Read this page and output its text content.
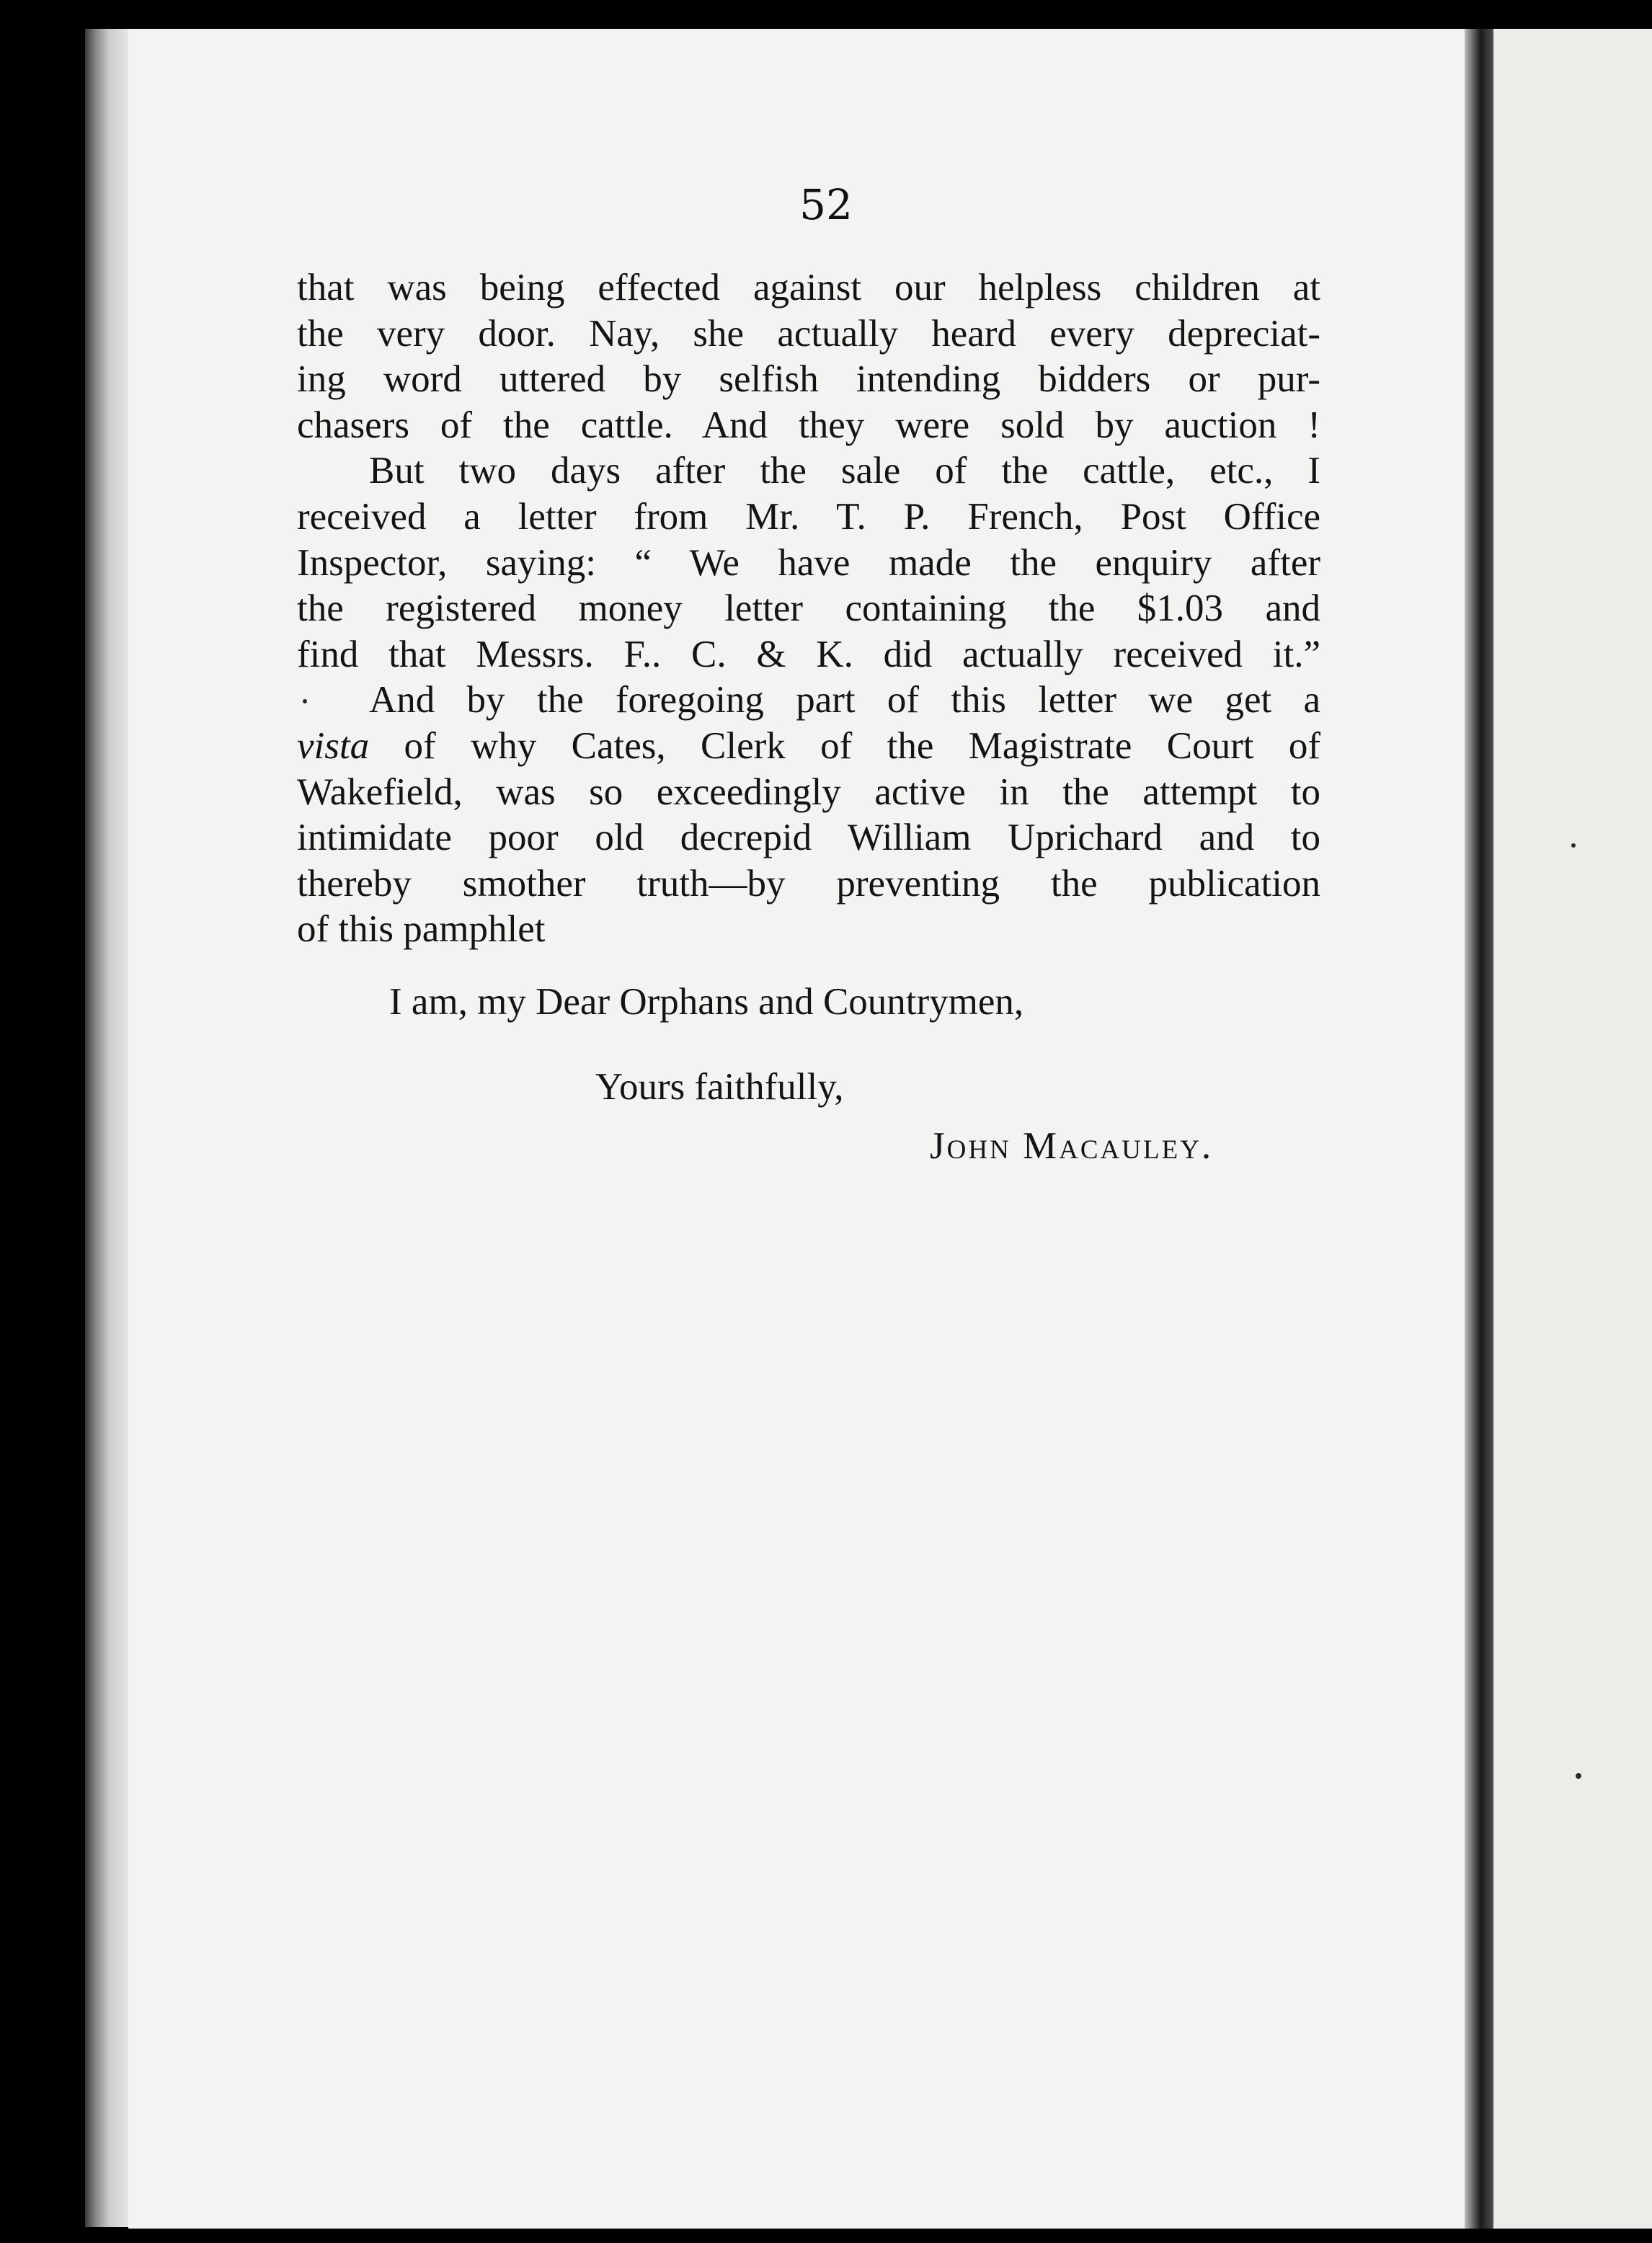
52
that was being effected against our helpless children at
the very door. Nay, she actually heard every depreciat-
ing word uttered by selfish intending bidders or pur-
chasers of the cattle. And they were sold by auction !
But two days after the sale of the cattle, etc., I
received a letter from Mr. T. P. French, Post Office
Inspector, saying: “ We have made the enquiry after
the registered money letter containing the $1.03 and
find that Messrs. F.. C. & K. did actually received it.”
And by the foregoing part of this letter we get a
vista of why Cates, Clerk of the Magistrate Court of
Wakefield, was so exceedingly active in the attempt to
intimidate poor old decrepid William Uprichard and to
thereby smother truth—by preventing the publication
of this pamphlet
I am, my Dear Orphans and Countrymen,
Yours faithfully,
John Macauley.
